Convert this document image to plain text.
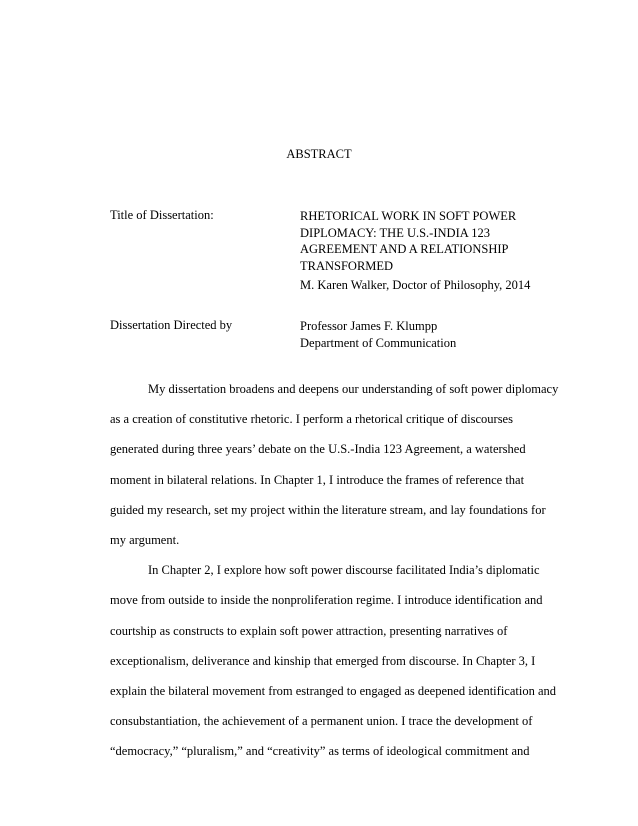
ABSTRACT
Title of Dissertation:	RHETORICAL WORK IN SOFT POWER
DIPLOMACY: THE U.S.-INDIA 123
AGREEMENT AND A RELATIONSHIP
TRANSFORMED
M. Karen Walker, Doctor of Philosophy, 2014
Dissertation Directed by	Professor James F. Klumpp
Department of Communication
My dissertation broadens and deepens our understanding of soft power diplomacy
as a creation of constitutive rhetoric. I perform a rhetorical critique of discourses
generated during three years’ debate on the U.S.-India 123 Agreement, a watershed
moment in bilateral relations. In Chapter 1, I introduce the frames of reference that
guided my research, set my project within the literature stream, and lay foundations for
my argument.
In Chapter 2, I explore how soft power discourse facilitated India’s diplomatic
move from outside to inside the nonproliferation regime. I introduce identification and
courtship as constructs to explain soft power attraction, presenting narratives of
exceptionalism, deliverance and kinship that emerged from discourse. In Chapter 3, I
explain the bilateral movement from estranged to engaged as deepened identification and
consubstantiation, the achievement of a permanent union. I trace the development of
“democracy,” “pluralism,” and “creativity” as terms of ideological commitment and
